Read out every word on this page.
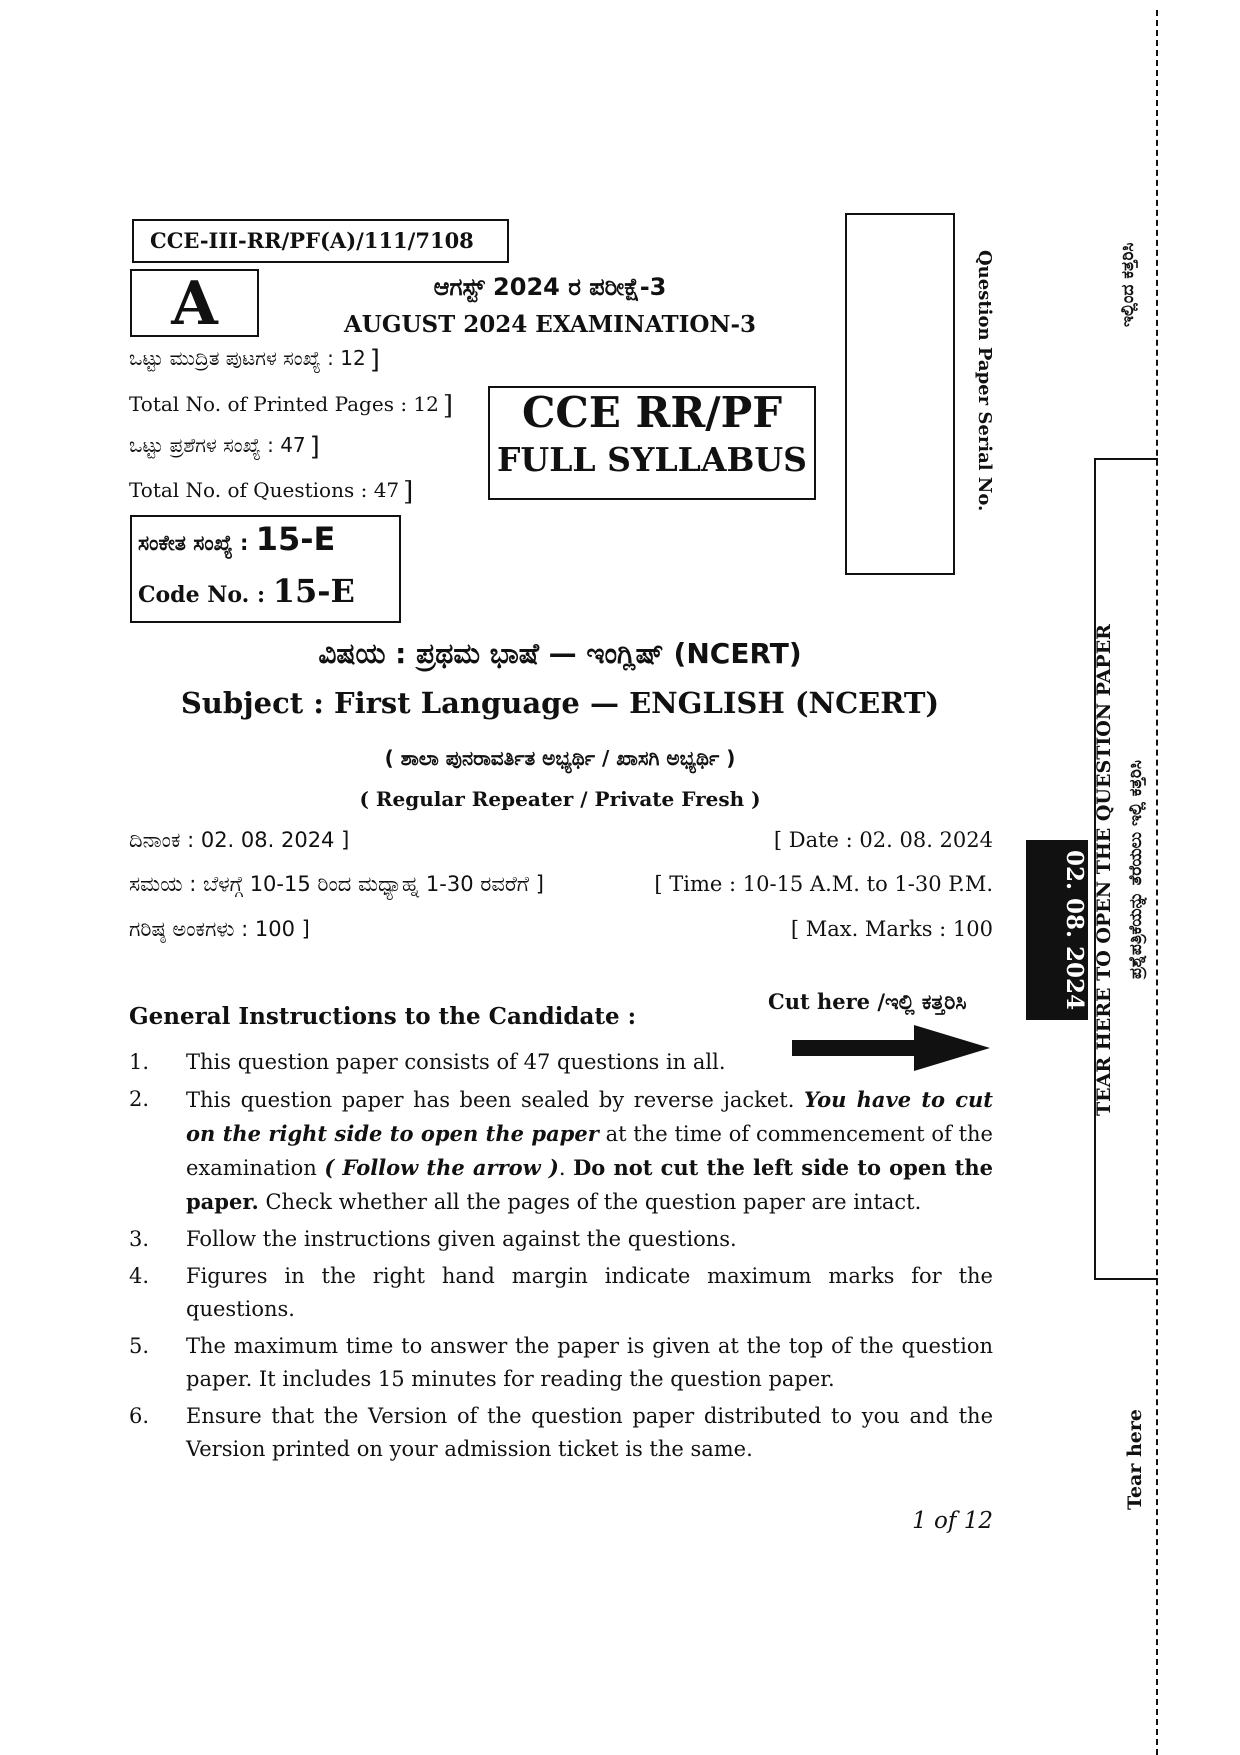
CCE-III-RR/PF(A)/111/7108
A	ಆಗಸ್ಟ್ 2024 ರ ಪರೀಕ್ಷೆ-3
AUGUST 2024 EXAMINATION-3
ಒಟ್ಟು ಮುದ್ರಿತ ಪುಟಗಳ ಸಂಖ್ಯೆ : 12 ]
Total No. of Printed Pages : 12 ]
ಒಟ್ಟು ಪ್ರಶೆಗಳ ಸಂಖ್ಯೆ : 47 ]
Total No. of Questions : 47 ]
CCE RR/PF
FULL SYLLABUS	Question Paper Serial No.
ಸಂಕೇತ ಸಂಖ್ಯೆ : 15-E
Code No. : 15-E
ವಿಷಯ : ಪ್ರಥಮ ಭಾಷೆ — ಇಂಗ್ಲಿಷ್ (NCERT)
Subject : First Language — ENGLISH (NCERT)
( ಶಾಲಾ ಪುನರಾವರ್ತಿತ ಅಭ್ಯರ್ಥಿ / ಖಾಸಗಿ ಅಭ್ಯರ್ಥಿ )
( Regular Repeater / Private Fresh )
ದಿನಾಂಕ : 02. 08. 2024 ]	[ Date : 02. 08. 2024
ಸಮಯ : ಬೆಳಗ್ಗೆ 10-15 ರಿಂದ ಮಧ್ಯಾಹ್ನ 1-30 ರವರೆಗೆ ]	[ Time : 10-15 A.M. to 1-30 P.M.
ಗರಿಷ್ಠ ಅಂಕಗಳು : 100 ]	[ Max. Marks : 100
General Instructions to the Candidate :
Cut here /ಇಲ್ಲಿ ಕತ್ತರಿಸಿ
1. This question paper consists of 47 questions in all.
2. This question paper has been sealed by reverse jacket. You have to cut on the right side to open the paper at the time of commencement of the examination ( Follow the arrow ). Do not cut the left side to open the paper. Check whether all the pages of the question paper are intact.
3. Follow the instructions given against the questions.
4. Figures in the right hand margin indicate maximum marks for the questions.
5. The maximum time to answer the paper is given at the top of the question paper. It includes 15 minutes for reading the question paper.
6. Ensure that the Version of the question paper distributed to you and the Version printed on your admission ticket is the same.
1 of 12
ಇಲ್ಲಿಂದ ಕತ್ತರಿಸಿ
TEAR HERE TO OPEN THE QUESTION PAPER ಪ್ರಶ್ನೆಪತ್ರಿಕೆಯನ್ನು ತೆರೆಯಲು ಇಲ್ಲಿ ಕತ್ತರಿಸಿ
02. 08. 2024
Tear here
